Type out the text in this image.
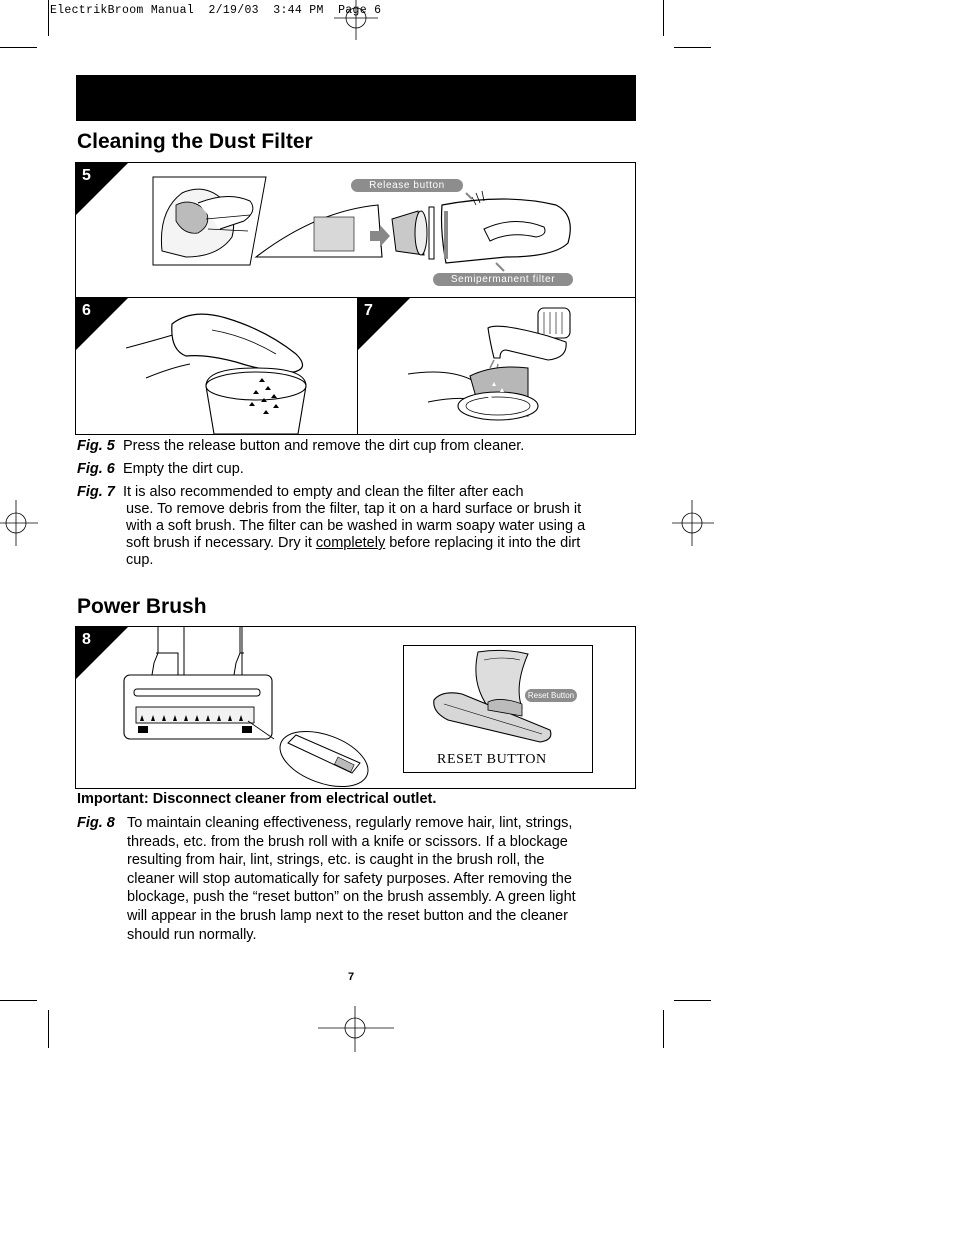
ElectrikBroom Manual 2/19/03 3:44 PM Page 6
Cleaning the Dust Filter
5
Release button
Semipermanent filter
6	7
Fig. 5 Press the release button and remove the dirt cup from cleaner.
Fig. 6 Empty the dirt cup.
Fig. 7 It is also recommended to empty and clean the filter after each
use. To remove debris from the filter, tap it on a hard surface or brush it
with a soft brush. The filter can be washed in warm soapy water using a
soft brush if necessary. Dry it completely before replacing it into the dirt
cup.
Power Brush
8
Reset Button
RESET BUTTON
Important: Disconnect cleaner from electrical outlet.
Fig. 8 To maintain cleaning effectiveness, regularly remove hair, lint, strings,
threads, etc. from the brush roll with a knife or scissors. If a blockage
resulting from hair, lint, strings, etc. is caught in the brush roll, the
cleaner will stop automatically for safety purposes. After removing the
blockage, push the “reset button” on the brush assembly. A green light
will appear in the brush lamp next to the reset button and the cleaner
should run normally.
7
